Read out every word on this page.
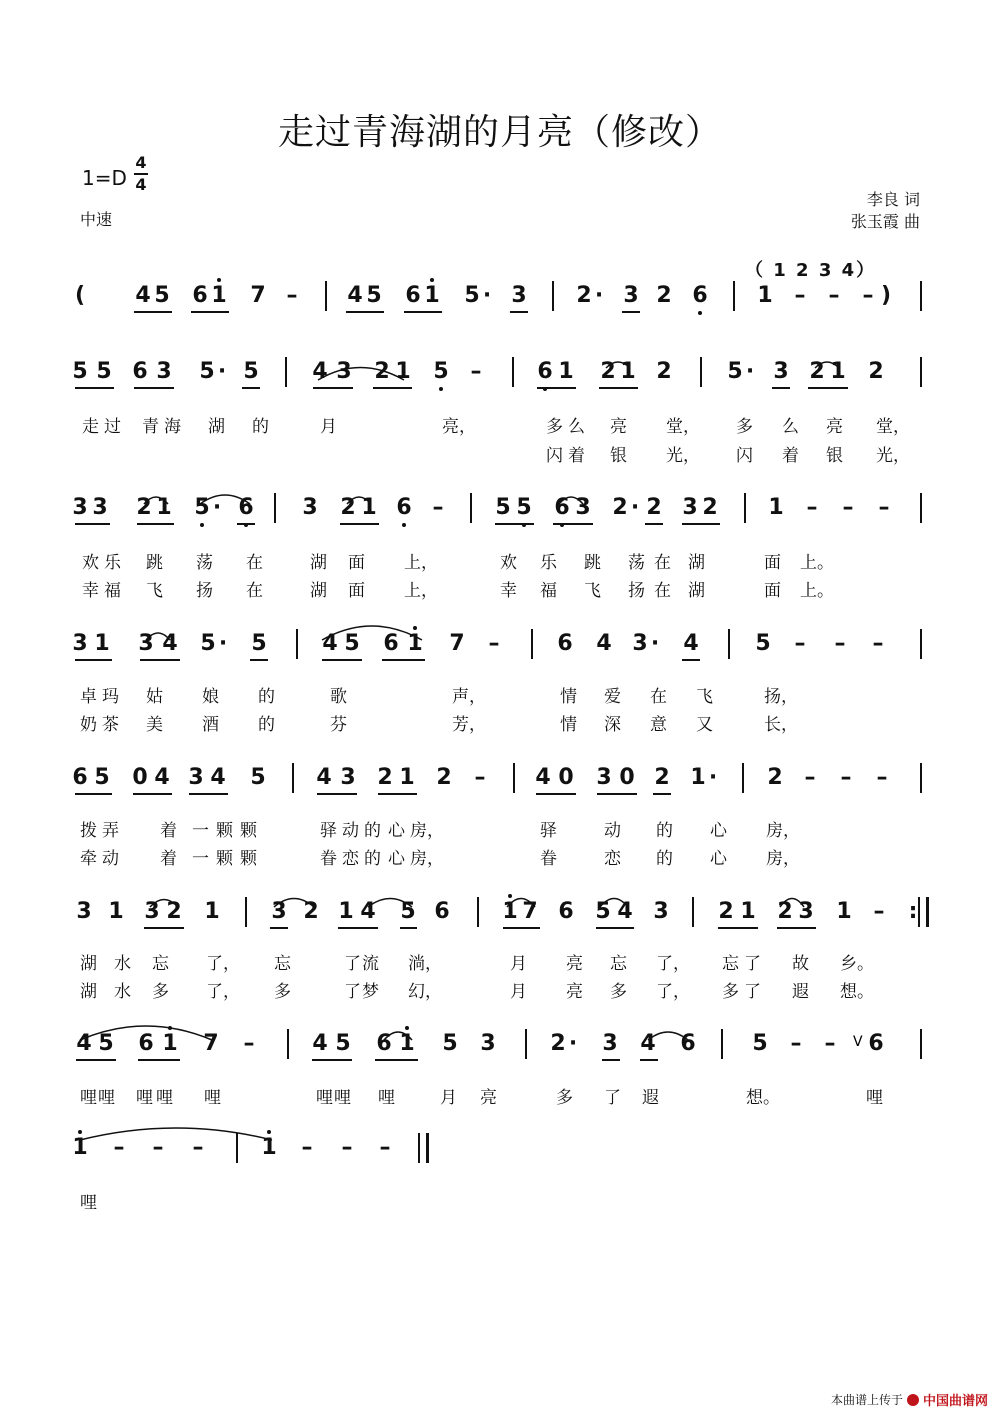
走过青海湖的月亮（修改）
1=D
4
4
中速
李良 词
张玉霞 曲
（ 1 2 3 4）
( 4 5 6 1 7 – 4 5 6 1 5 · 3 2 · 3 2 6 1 – – – )
5 5 6 3 5 · 5 4 3 2 1 5 –	6 1 2 1 2	5 · 3 2 1 2
3 3 2 1 5 · 6 3 2 1 6 – 5 5 6 3 2 · 2 3 2 1 – – –
3 1 3 4 5 · 5	4 5 6 1 7 –	6 4 3 · 4	5 – – –
6 5 0 4 3 4 5 4 3 2 1 2 – 4 0 3 0 2 1 · 2 – – –
3 1 3 2 1 3 2 1 4 5 6 1 7 6 5 4 3 2 1 2 3 1 – :
4 5 6 1 7 –	4 5 6 1 5 3 2 · 3 4 6	5 – – 6
1 – – –	1 – – –
走 过 青 海 湖 的	月	亮，	多 么 亮 堂， 多 么 亮 堂，
闪 着 银 光， 闪 着 银 光，
欢 乐 跳 荡 在	湖 面 上，	欢 乐 跳 荡 在 湖	面 上。
幸 福 飞 扬 在	湖 面 上，	幸 福 飞 扬 在 湖	面 上。
卓 玛 姑 娘 的	歌	声，	情 爱 在 飞	扬，
奶 茶 美 酒 的	芬	芳，	情 深 意 又	长，
拨 弄 着 一 颗 颗	驿 动 的 心 房，	驿	动 的 心 房，
牵 动 着 一 颗 颗	眷 恋 的 心 房，	眷	恋 的 心 房，
湖 水 忘 了， 忘	了 流 淌，	月 亮 忘 了， 忘 了 故 乡。
湖 水 多 了， 多	了 梦 幻，	月 亮 多 了， 多 了 遐 想。
哩 哩 哩 哩 哩	哩 哩 哩	月 亮	多 了 遐	想。	哩
哩
V
本曲谱上传于 中国曲谱网
